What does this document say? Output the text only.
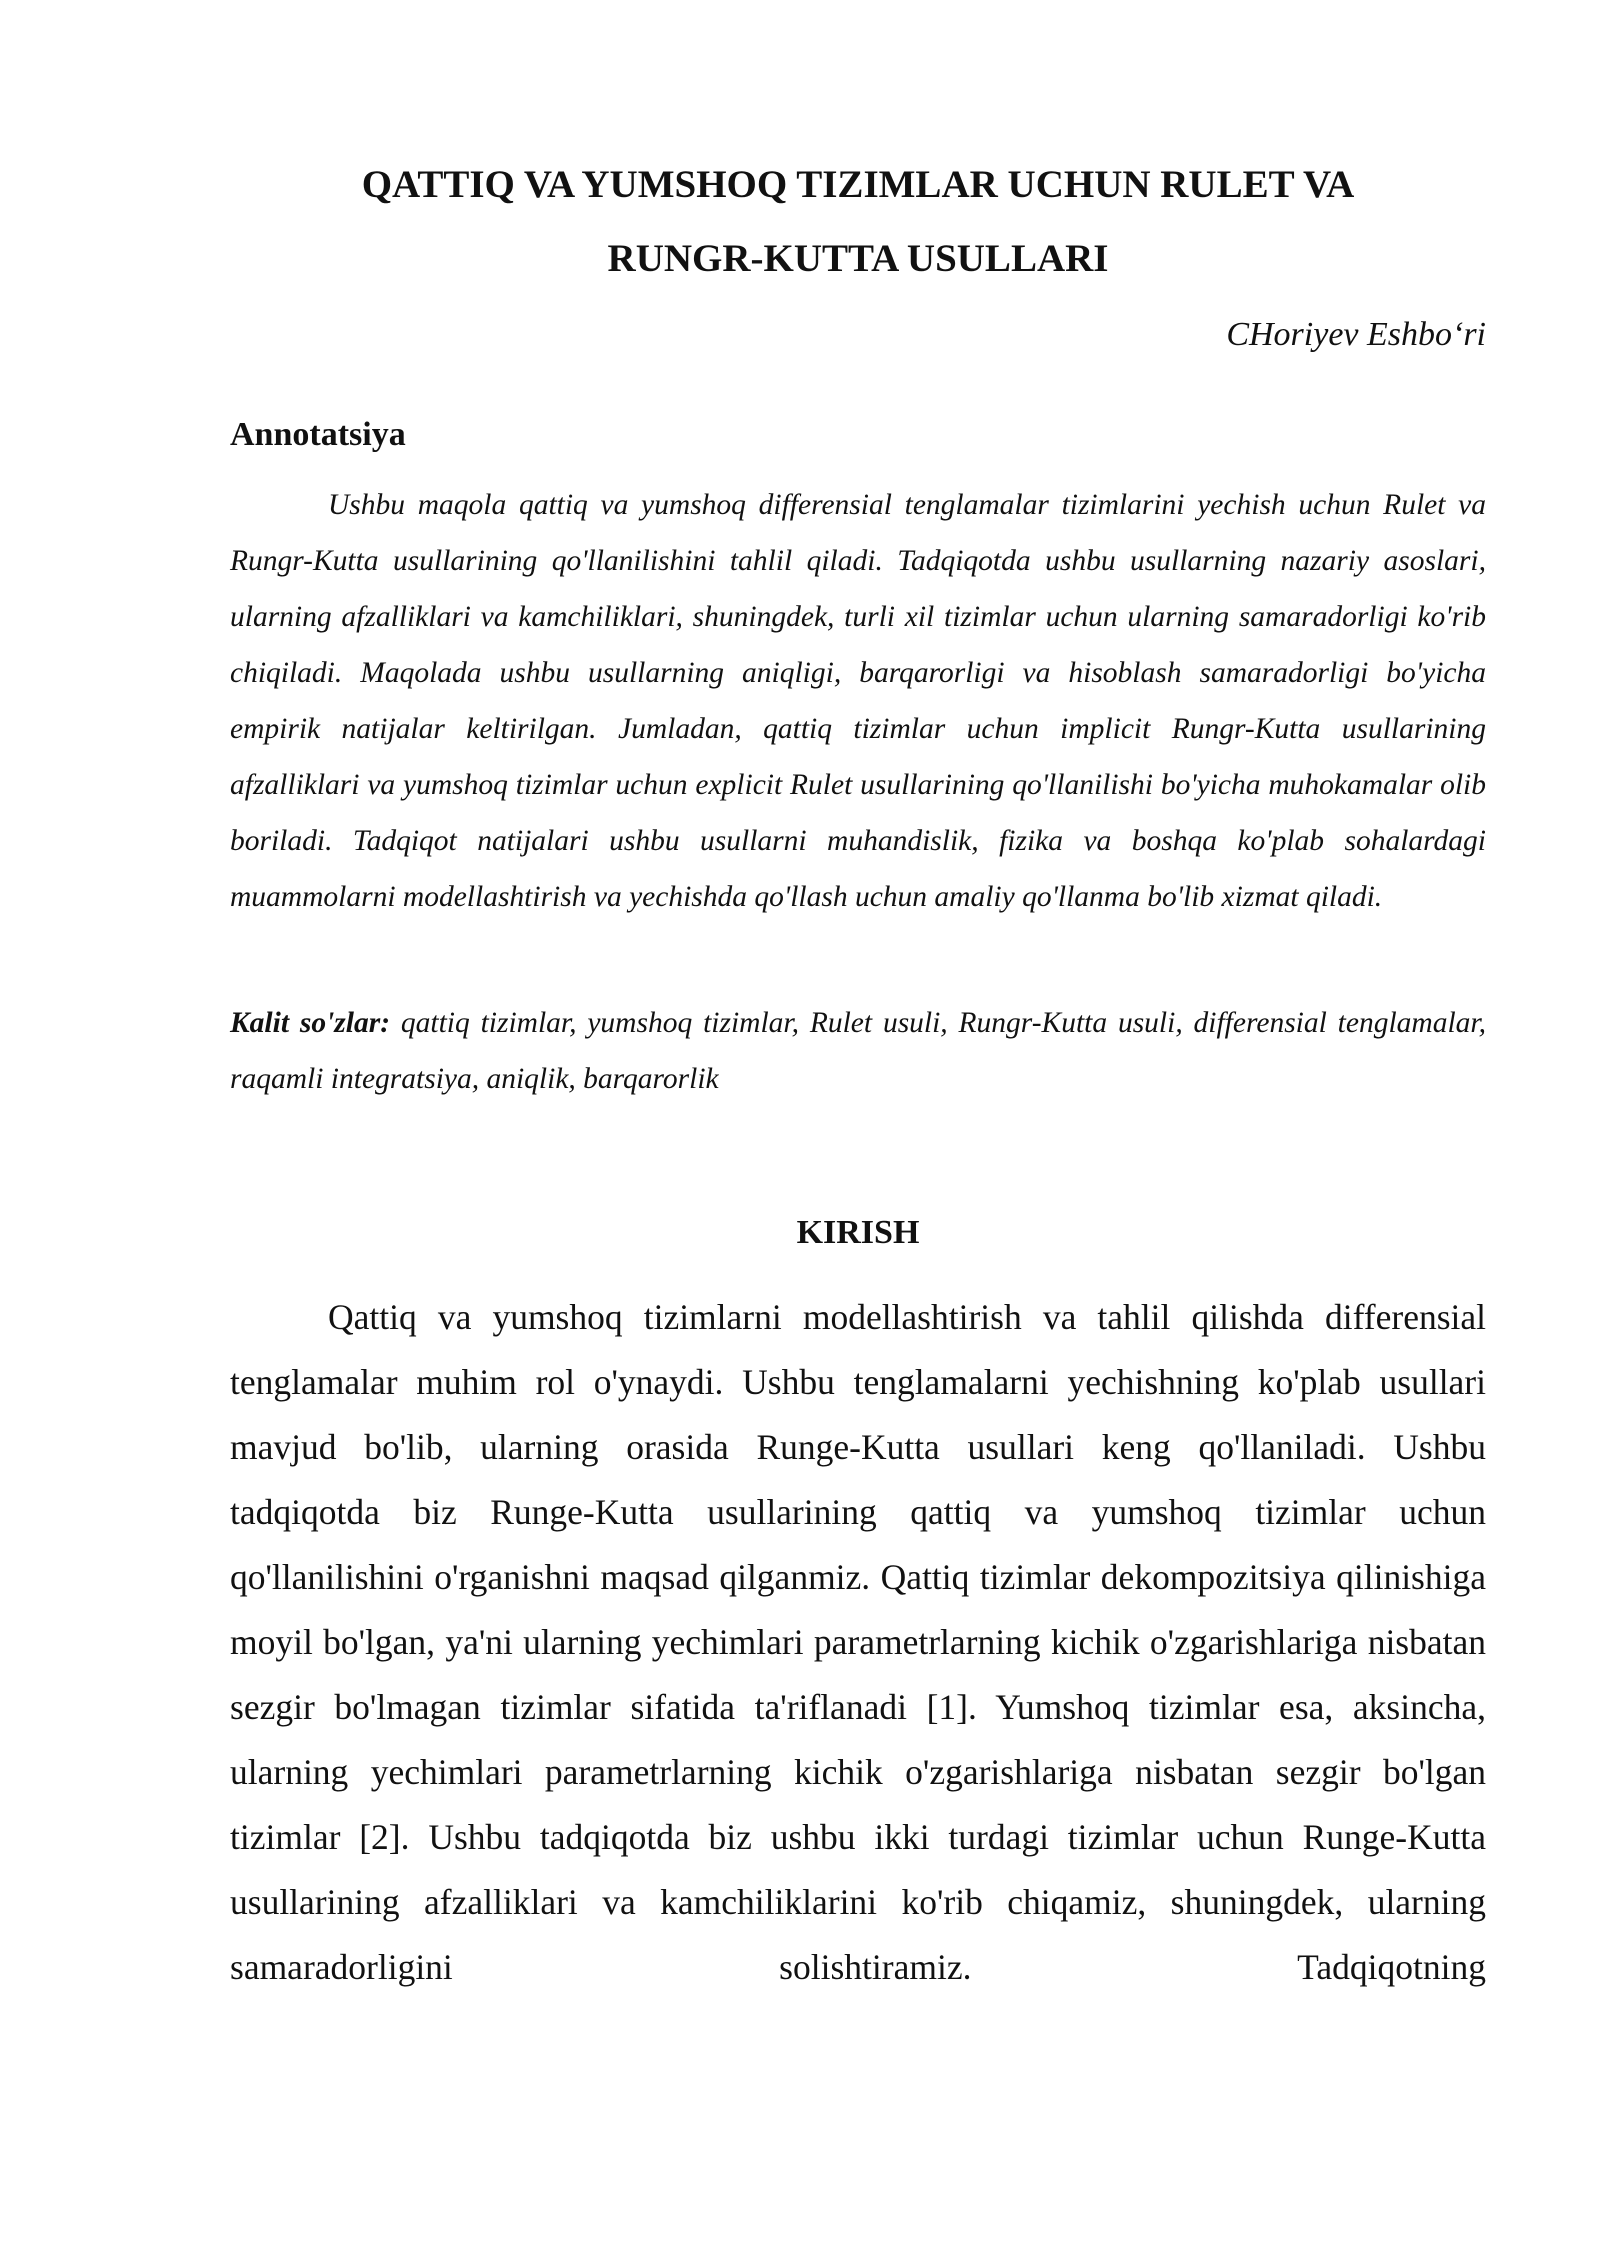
QATTIQ VA YUMSHOQ TIZIMLAR UCHUN RULET VA
RUNGR-KUTTA USULLARI

CHoriyev Eshbo‘ri

Annotatsiya

Ushbu maqola qattiq va yumshoq differensial tenglamalar tizimlarini yechish uchun Rulet va Rungr-Kutta usullarining qo'llanilishini tahlil qiladi. Tadqiqotda ushbu usullarning nazariy asoslari, ularning afzalliklari va kamchiliklari, shuningdek, turli xil tizimlar uchun ularning samaradorligi ko'rib chiqiladi. Maqolada ushbu usullarning aniqligi, barqarorligi va hisoblash samaradorligi bo'yicha empirik natijalar keltirilgan. Jumladan, qattiq tizimlar uchun implicit Rungr-Kutta usullarining afzalliklari va yumshoq tizimlar uchun explicit Rulet usullarining qo'llanilishi bo'yicha muhokamalar olib boriladi. Tadqiqot natijalari ushbu usullarni muhandislik, fizika va boshqa ko'plab sohalardagi muammolarni modellashtirish va yechishda qo'llash uchun amaliy qo'llanma bo'lib xizmat qiladi.

Kalit so'zlar: qattiq tizimlar, yumshoq tizimlar, Rulet usuli, Rungr-Kutta usuli, differensial tenglamalar, raqamli integratsiya, aniqlik, barqarorlik

KIRISH

Qattiq va yumshoq tizimlarni modellashtirish va tahlil qilishda differensial tenglamalar muhim rol o'ynaydi. Ushbu tenglamalarni yechishning ko'plab usullari mavjud bo'lib, ularning orasida Runge-Kutta usullari keng qo'llaniladi. Ushbu tadqiqotda biz Runge-Kutta usullarining qattiq va yumshoq tizimlar uchun qo'llanilishini o'rganishni maqsad qilganmiz. Qattiq tizimlar dekompozitsiya qilinishiga moyil bo'lgan, ya'ni ularning yechimlari parametrlarning kichik o'zgarishlariga nisbatan sezgir bo'lmagan tizimlar sifatida ta'riflanadi [1]. Yumshoq tizimlar esa, aksincha, ularning yechimlari parametrlarning kichik o'zgarishlariga nisbatan sezgir bo'lgan tizimlar [2]. Ushbu tadqiqotda biz ushbu ikki turdagi tizimlar uchun Runge-Kutta usullarining afzalliklari va kamchiliklarini ko'rib chiqamiz, shuningdek, ularning samaradorligini solishtiramiz. Tadqiqotning
